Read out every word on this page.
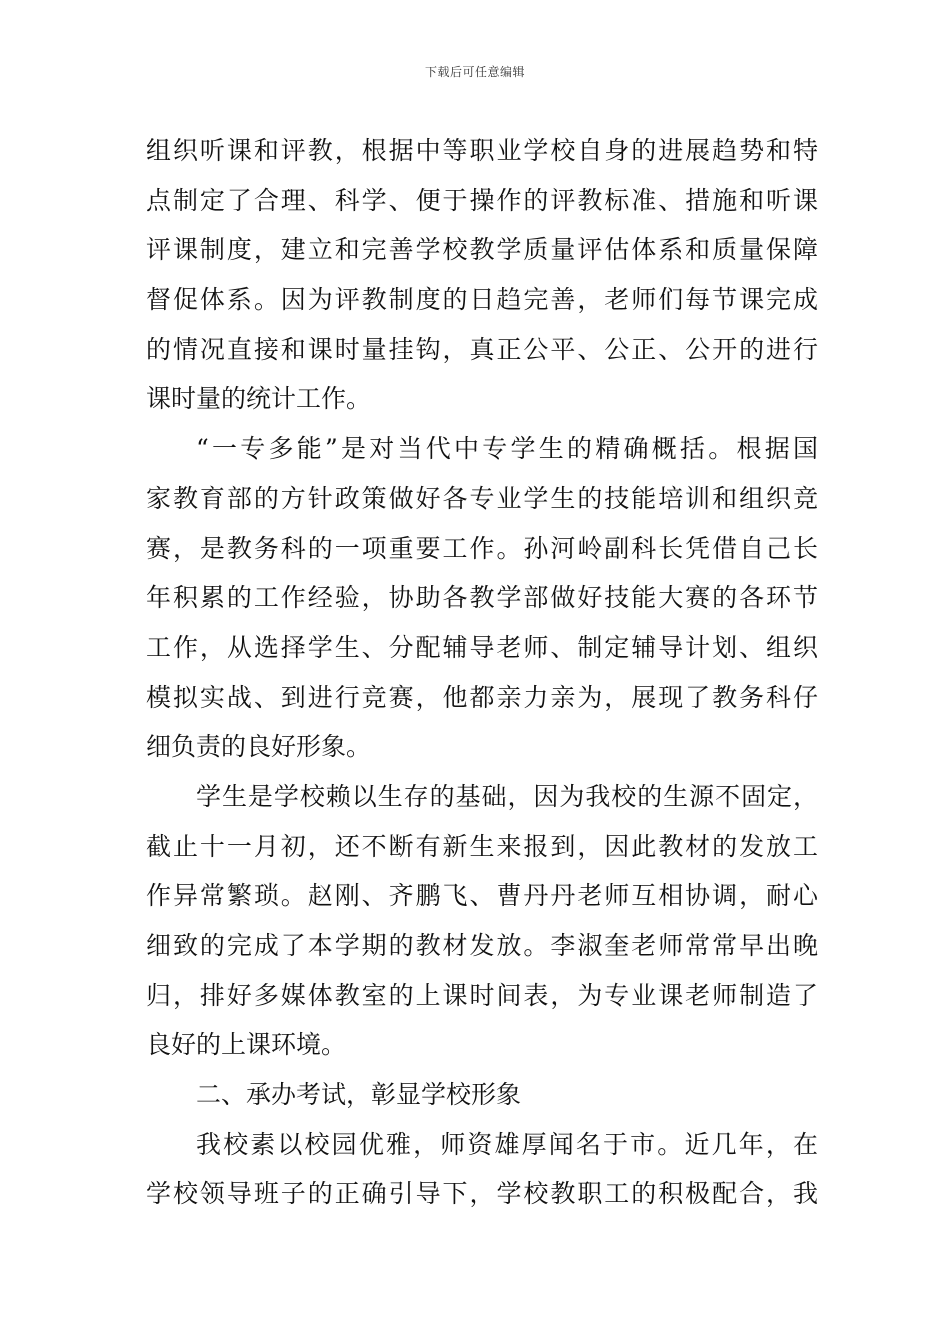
下载后可任意编辑
组织听课和评教，根据中等职业学校自身的进展趋势和特
点制定了合理、科学、便于操作的评教标准、措施和听课
评课制度，建立和完善学校教学质量评估体系和质量保障
督促体系。因为评教制度的日趋完善，老师们每节课完成
的情况直接和课时量挂钩，真正公平、公正、公开的进行
课时量的统计工作。
“一专多能”是对当代中专学生的精确概括。根据国
家教育部的方针政策做好各专业学生的技能培训和组织竞
赛，是教务科的一项重要工作。孙河岭副科长凭借自己长
年积累的工作经验，协助各教学部做好技能大赛的各环节
工作，从选择学生、分配辅导老师、制定辅导计划、组织
模拟实战、到进行竞赛，他都亲力亲为，展现了教务科仔
细负责的良好形象。
学生是学校赖以生存的基础，因为我校的生源不固定，
截止十一月初，还不断有新生来报到，因此教材的发放工
作异常繁琐。赵刚、齐鹏飞、曹丹丹老师互相协调，耐心
细致的完成了本学期的教材发放。李淑奎老师常常早出晚
归，排好多媒体教室的上课时间表，为专业课老师制造了
良好的上课环境。
二、承办考试，彰显学校形象
我校素以校园优雅，师资雄厚闻名于市。近几年，在
学校领导班子的正确引导下，学校教职工的积极配合，我
